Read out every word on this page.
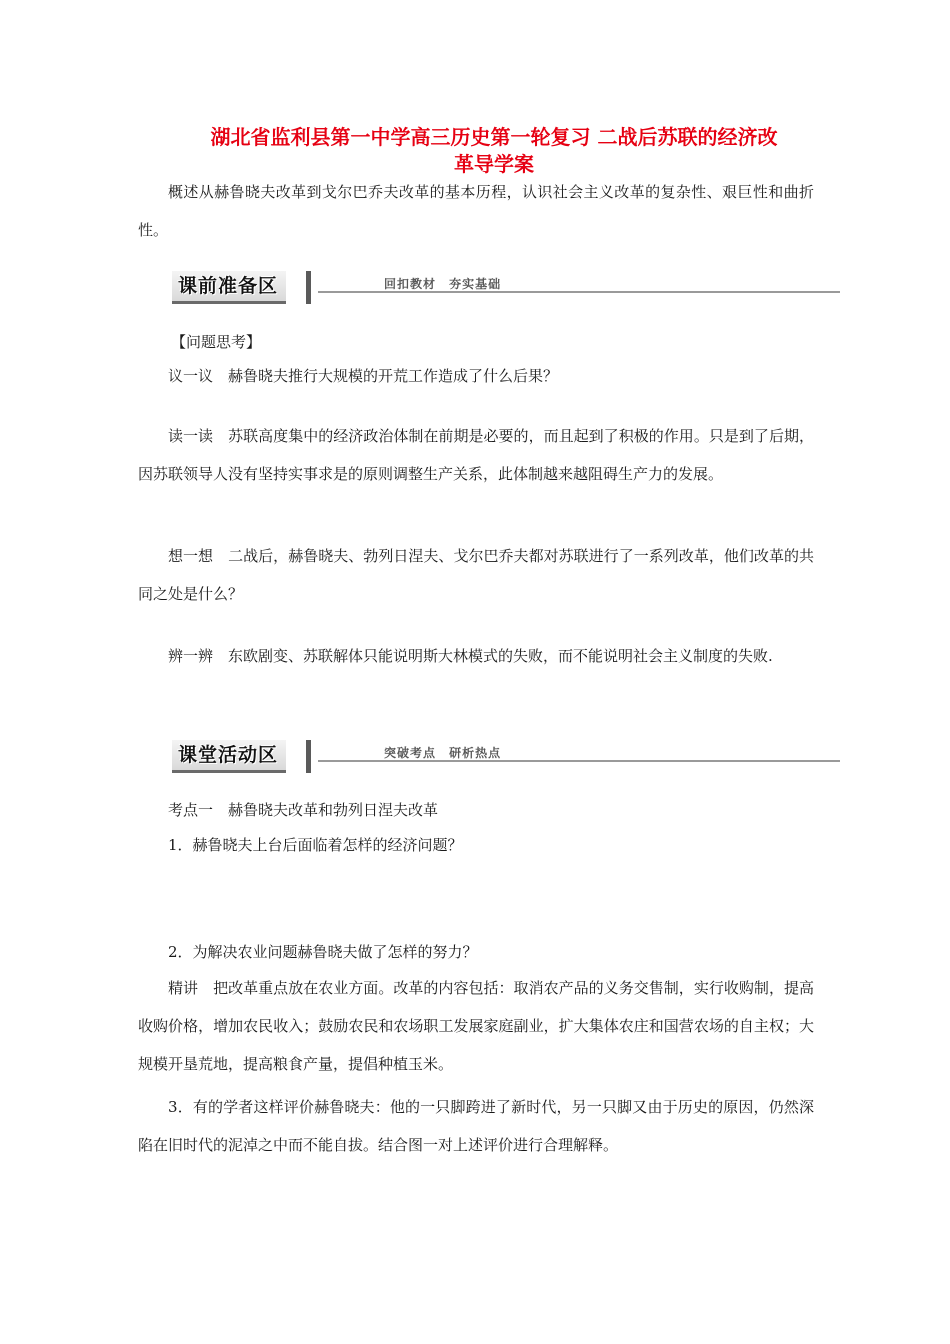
湖北省监利县第一中学高三历史第一轮复习 二战后苏联的经济改
革导学案

概述从赫鲁晓夫改革到戈尔巴乔夫改革的基本历程，认识社会主义改革的复杂性、艰巨性和曲折性。

课前准备区	回扣教材 夯实基础

【问题思考】

议一议　赫鲁晓夫推行大规模的开荒工作造成了什么后果？

读一读　苏联高度集中的经济政治体制在前期是必要的，而且起到了积极的作用。只是到了后期，因苏联领导人没有坚持实事求是的原则调整生产关系，此体制越来越阻碍生产力的发展。

想一想　二战后，赫鲁晓夫、勃列日涅夫、戈尔巴乔夫都对苏联进行了一系列改革，他们改革的共同之处是什么？

辨一辨　东欧剧变、苏联解体只能说明斯大林模式的失败，而不能说明社会主义制度的失败.

课堂活动区	突破考点 研析热点

考点一　赫鲁晓夫改革和勃列日涅夫改革

1．赫鲁晓夫上台后面临着怎样的经济问题？

2．为解决农业问题赫鲁晓夫做了怎样的努力？

精讲　把改革重点放在农业方面。改革的内容包括：取消农产品的义务交售制，实行收购制，提高收购价格，增加农民收入；鼓励农民和农场职工发展家庭副业，扩大集体农庄和国营农场的自主权；大规模开垦荒地，提高粮食产量，提倡种植玉米。

3．有的学者这样评价赫鲁晓夫：他的一只脚跨进了新时代，另一只脚又由于历史的原因，仍然深陷在旧时代的泥淖之中而不能自拔。结合图一对上述评价进行合理解释。
